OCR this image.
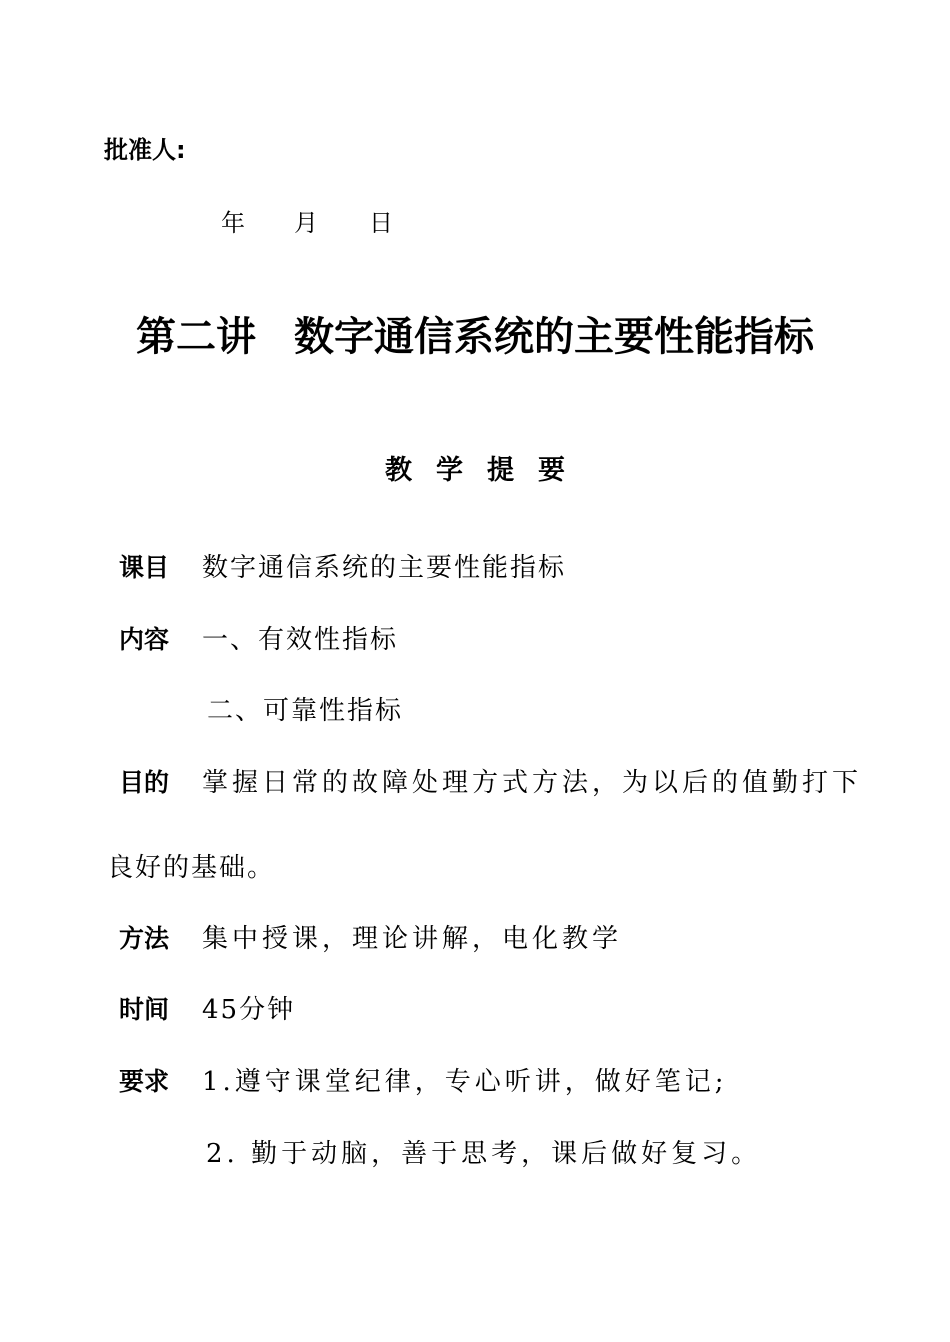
批准人:
年 月 日
第二讲 数字通信系统的主要性能指标
教学提要
课目 数字通信系统的主要性能指标
内容 一、有效性指标
二、可靠性指标
目的 掌握日常的故障处理方式方法，为以后的值勤打下
良好的基础。
方法 集中授课，理论讲解，电化教学
时间 45分钟
要求 1.遵守课堂纪律，专心听讲，做好笔记;
2. 勤于动脑，善于思考，课后做好复习。
